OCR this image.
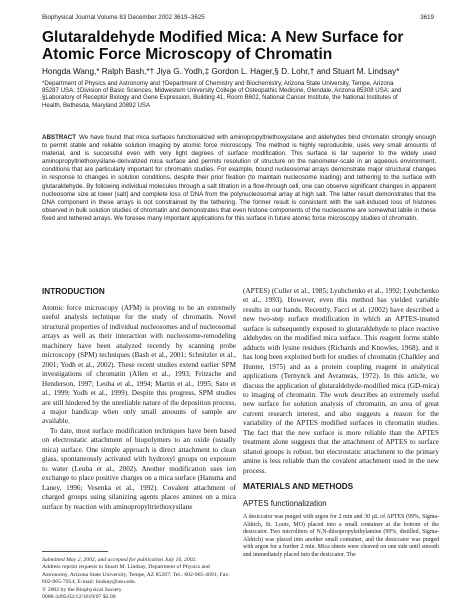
Biophysical Journal Volume 83 December 2002 3619–3625	3619
Glutaraldehyde Modified Mica: A New Surface for Atomic Force Microscopy of Chromatin
Hongda Wang,* Ralph Bash,*† Jiya G. Yodh,‡ Gordon L. Hager,§ D. Lohr,† and Stuart M. Lindsay*
*Department of Physics and Astronomy and †Department of Chemistry and Biochemistry, Arizona State University, Tempe, Arizona
85287 USA; ‡Division of Basic Sciences, Midwestern University College of Osteopathic Medicine, Glendale, Arizona 85308 USA; and
§Laboratory of Receptor Biology and Gene Expression, Building 41, Room B602, National Cancer Institute, the National Institutes of
Health, Bethesda, Maryland 20892 USA
ABSTRACT We have found that mica surfaces functionalized with aminopropyltriethoxysilane and aldehydes bind chromatin strongly enough to permit stable and reliable solution imaging by atomic force microscopy. The method is highly reproducible, uses very small amounts of material, and is successful even with very light degrees of surface modification. This surface is far superior to the widely used aminopropyltriethoxysilane-derivatized mica surface and permits resolution of structure on the nanometer-scale in an aqueous environment, conditions that are particularly important for chromatin studies. For example, bound nucleosomal arrays demonstrate major structural changes in response to changes in solution conditions, despite their prior fixation (to maintain nucleosome loading) and tethering to the surface with glutaraldehyde. By following individual molecules through a salt titration in a flow-through cell, one can observe significant changes in apparent nucleosome size at lower [salt] and complete loss of DNA from the polynucleosomal array at high salt. The latter result demonstrates that the DNA component in these arrays is not constrained by the tethering. The former result is consistent with the salt-induced loss of histones observed in bulk solution studies of chromatin and demonstrates that even histone components of the nucleosome are somewhat labile in these fixed and tethered arrays. We foresee many important applications for this surface in future atomic force microscopy studies of chromatin.
INTRODUCTION

Atomic force microscopy (AFM) is proving to be an extremely useful analysis technique for the study of chromatin. Novel structural properties of individual nucleosomes and of nucleosomal arrays as well as their interaction with nucleosome-remodeling machinery have been analyzed recently by scanning probe microscopy (SPM) techniques (Bash et al., 2001; Schnitzler et al., 2001; Yodh et al., 2002). These recent studies extend earlier SPM investigations of chromatin (Allen et al., 1993; Fritzsche and Henderson, 1997; Leuba et al., 1994; Martin et al., 1995; Sato et al., 1999; Yodh et al., 1999). Despite this progress, SPM studies are still hindered by the unreliable nature of the deposition process, a major handicap when only small amounts of sample are available.

To date, most surface modification techniques have been based on electrostatic attachment of biopolymers to an oxide (usually mica) surface. One simple approach is direct attachment to clean glass, spontaneously activated with hydroxyl groups on exposure to water (Leuba et al., 2002). Another modification uses ion exchange to place positive charges on a mica surface (Hansma and Laney, 1996; Vesenka et al., 1992). Covalent attachment of charged groups using silanizing agents places amines on a mica surface by reaction with aminopropyltriethoxysilane

(APTES) (Culler et al., 1985; Lyubchenko et al., 1992; Lyubchenko et al., 1993). However, even this method has yielded variable results in our hands. Recently, Facci et al. (2002) have described a new two-step surface modification in which an APTES-treated surface is subsequently exposed to glutaraldehyde to place reactive aldehydes on the modified mica surface. This reagent forms stable adducts with lysine residues (Richards and Knowles, 1968), and it has long been exploited both for studies of chromatin (Chalkley and Hunter, 1975) and as a protein coupling reagent in analytical applications (Ternynck and Avrameas, 1972). In this article, we discuss the application of glutaraldehyde-modified mica (GD-mica) to imaging of chromatin. The work describes an extremely useful new surface for solution analysis of chromatin, an area of great current research interest, and also suggests a reason for the variability of the APTES modified surfaces in chromatin studies. The fact that the new surface is more reliable than the APTES treatment alone suggests that the attachment of APTES to surface silanol groups is robust, but electrostatic attachment to the primary amine is less reliable than the covalent attachment used in the new process.

MATERIALS AND METHODS
APTES functionalization

A desiccator was purged with argon for 2 min and 30 µL of APTES (99%, Sigma-Aldrich, St. Louis, MO) placed into a small container at the bottom of the desiccator. Two microliters of N,N-diisopropylethylamine (99%, distilled, Sigma-Aldrich) was placed into another small container, and the desiccator was purged with argon for a further 2 min. Mica sheets were cleaved on one side until smooth and immediately placed into the desiccator. The

Submitted May 2, 2002, and accepted for publication July 16, 2002.
Address reprint requests to Stuart M. Lindsay, Department of Physics and Astronomy, Arizona State University, Tempe, AZ 85287; Tel.: 602-965-4691; Fax: 602-965-7954; E-mail: lindsay@asu.edu.
© 2002 by the Biophysical Society
0006-3495/02/12/3619/07 $2.00
